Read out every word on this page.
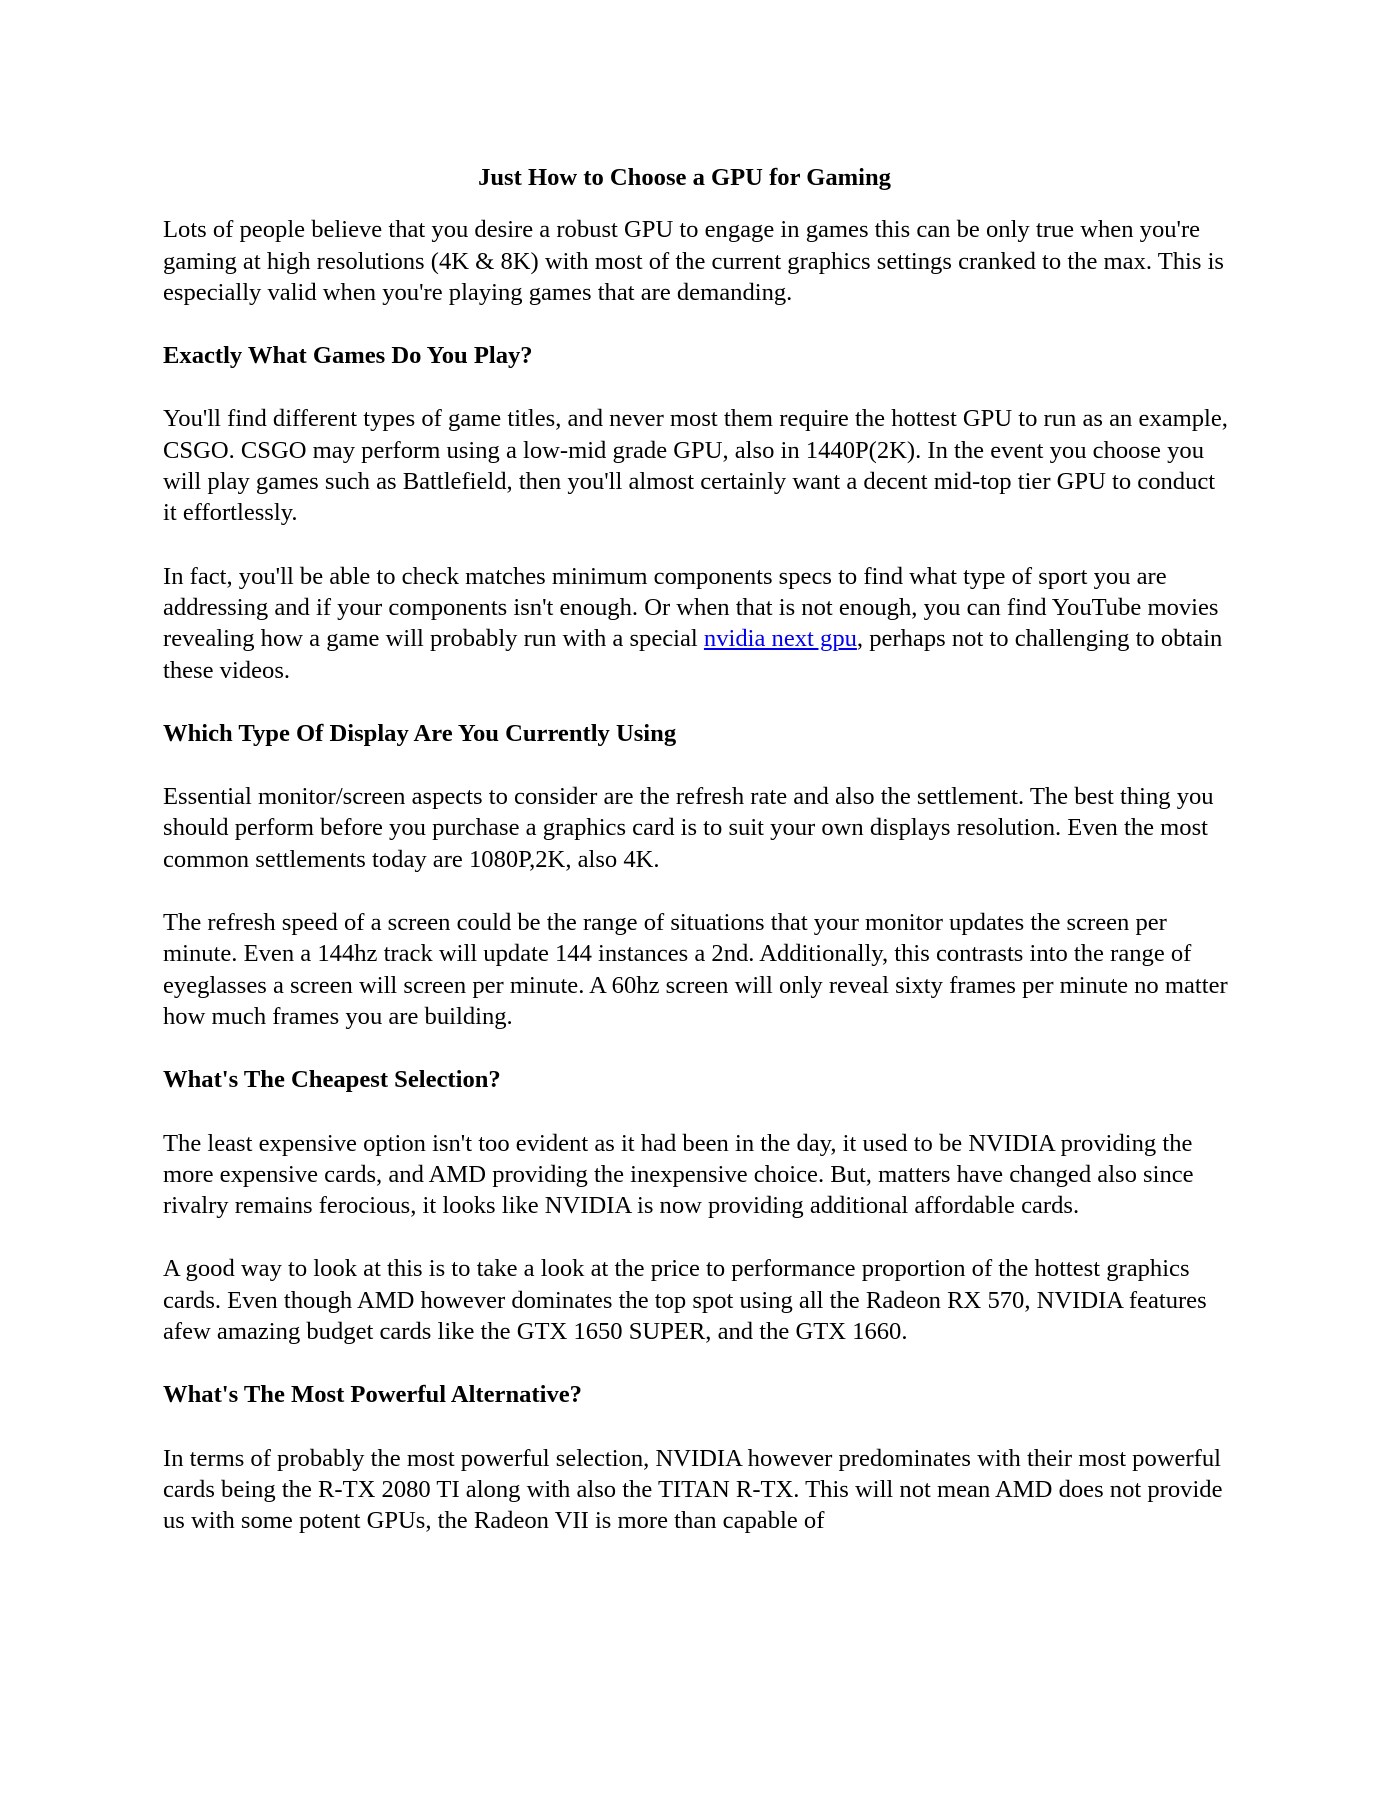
Just How to Choose a GPU for Gaming

Lots of people believe that you desire a robust GPU to engage in games this can be only true when you're gaming at high resolutions (4K & 8K) with most of the current graphics settings cranked to the max. This is especially valid when you're playing games that are demanding.

Exactly What Games Do You Play?

You'll find different types of game titles, and never most them require the hottest GPU to run as an example, CSGO. CSGO may perform using a low-mid grade GPU, also in 1440P(2K). In the event you choose you will play games such as Battlefield, then you'll almost certainly want a decent mid-top tier GPU to conduct it effortlessly.

In fact, you'll be able to check matches minimum components specs to find what type of sport you are addressing and if your components isn't enough. Or when that is not enough, you can find YouTube movies revealing how a game will probably run with a special nvidia next gpu, perhaps not to challenging to obtain these videos.

Which Type Of Display Are You Currently Using

Essential monitor/screen aspects to consider are the refresh rate and also the settlement. The best thing you should perform before you purchase a graphics card is to suit your own displays resolution. Even the most common settlements today are 1080P,2K, also 4K.

The refresh speed of a screen could be the range of situations that your monitor updates the screen per minute. Even a 144hz track will update 144 instances a 2nd. Additionally, this contrasts into the range of eyeglasses a screen will screen per minute. A 60hz screen will only reveal sixty frames per minute no matter how much frames you are building.

What's The Cheapest Selection?

The least expensive option isn't too evident as it had been in the day, it used to be NVIDIA providing the more expensive cards, and AMD providing the inexpensive choice. But, matters have changed also since rivalry remains ferocious, it looks like NVIDIA is now providing additional affordable cards.

A good way to look at this is to take a look at the price to performance proportion of the hottest graphics cards. Even though AMD however dominates the top spot using all the Radeon RX 570, NVIDIA features afew amazing budget cards like the GTX 1650 SUPER, and the GTX 1660.

What's The Most Powerful Alternative?

In terms of probably the most powerful selection, NVIDIA however predominates with their most powerful cards being the R-TX 2080 TI along with also the TITAN R-TX. This will not mean AMD does not provide us with some potent GPUs, the Radeon VII is more than capable of
